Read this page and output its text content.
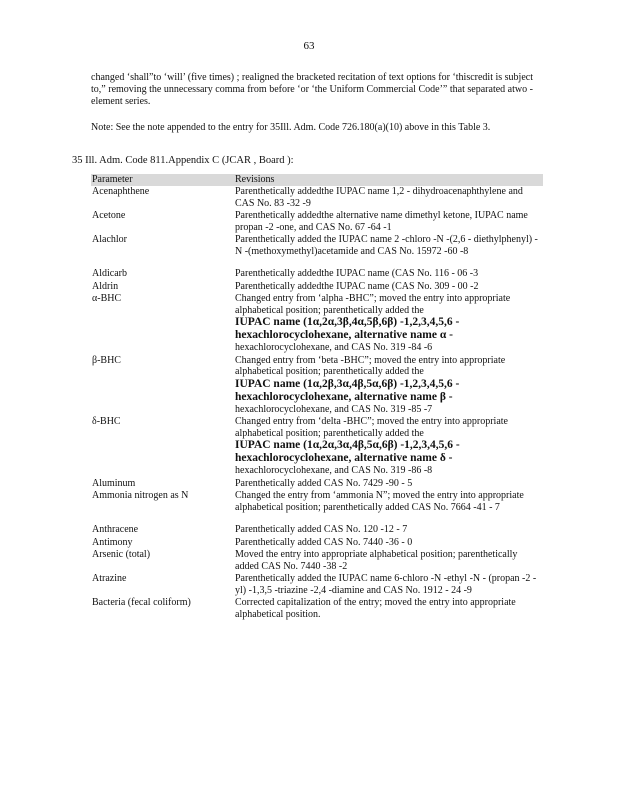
63
changed ‘shall”to ‘will’ (five times) ; realigned the bracketed recitation of text options for ‘thiscredit is subject to,” removing the unnecessary comma from before ‘or ‘the Uniform Commercial Code’” that separated atwo - element series.
Note: See the note appended to the entry for 35Ill. Adm. Code 726.180(a)(10) above in this Table 3.
35 Ill. Adm. Code 811.Appendix C (JCAR , Board ):
Parameter	Revisions
Acenaphthene	Parenthetically addedthe IUPAC name 1,2 - dihydroacenaphthylene and CAS No. 83 -32 -9
Acetone	Parenthetically addedthe alternative name dimethyl ketone, IUPAC name propan -2 -one, and CAS No. 67 -64 -1
Alachlor	Parenthetically added the IUPAC name 2 -chloro -N -(2,6 - diethylphenyl) -N -(methoxymethyl)acetamide and CAS No. 15972 -60 -8

Aldicarb	Parenthetically addedthe IUPAC name (CAS No. 116 - 06 -3
Aldrin	Parenthetically addedthe IUPAC name (CAS No. 309 - 00 -2
α-BHC	Changed entry from ‘alpha -BHC”; moved the entry into appropriate alphabetical position; parenthetically added the
IUPAC name (1α,2α,3β,4α,5β,6β) -1,2,3,4,5,6 - hexachlorocyclohexane, alternative name α -
hexachlorocyclohexane, and CAS No. 319 -84 -6
β-BHC	Changed entry from ‘beta -BHC”; moved the entry into appropriate alphabetical position; parenthetically added the
IUPAC name (1α,2β,3α,4β,5α,6β) -1,2,3,4,5,6 - hexachlorocyclohexane, alternative name β -
hexachlorocyclohexane, and CAS No. 319 -85 -7
δ-BHC	Changed entry from ‘delta -BHC”; moved the entry into appropriate alphabetical position; parenthetically added the
IUPAC name (1α,2α,3α,4β,5α,6β) -1,2,3,4,5,6 - hexachlorocyclohexane, alternative name δ -
hexachlorocyclohexane, and CAS No. 319 -86 -8
Aluminum	Parenthetically added CAS No. 7429 -90 - 5
Ammonia nitrogen as N	Changed the entry from ‘ammonia N”; moved the entry into appropriate alphabetical position; parenthetically added CAS No. 7664 -41 - 7

Anthracene	Parenthetically added CAS No. 120 -12 - 7
Antimony	Parenthetically added CAS No. 7440 -36 - 0
Arsenic (total)	Moved the entry into appropriate alphabetical position; parenthetically added CAS No. 7440 -38 -2
Atrazine	Parenthetically added the IUPAC name 6-chloro -N -ethyl -N - (propan -2 -yl) -1,3,5 -triazine -2,4 -diamine and CAS No. 1912 - 24 -9
Bacteria (fecal coliform)	Corrected capitalization of the entry; moved the entry into appropriate alphabetical position.
